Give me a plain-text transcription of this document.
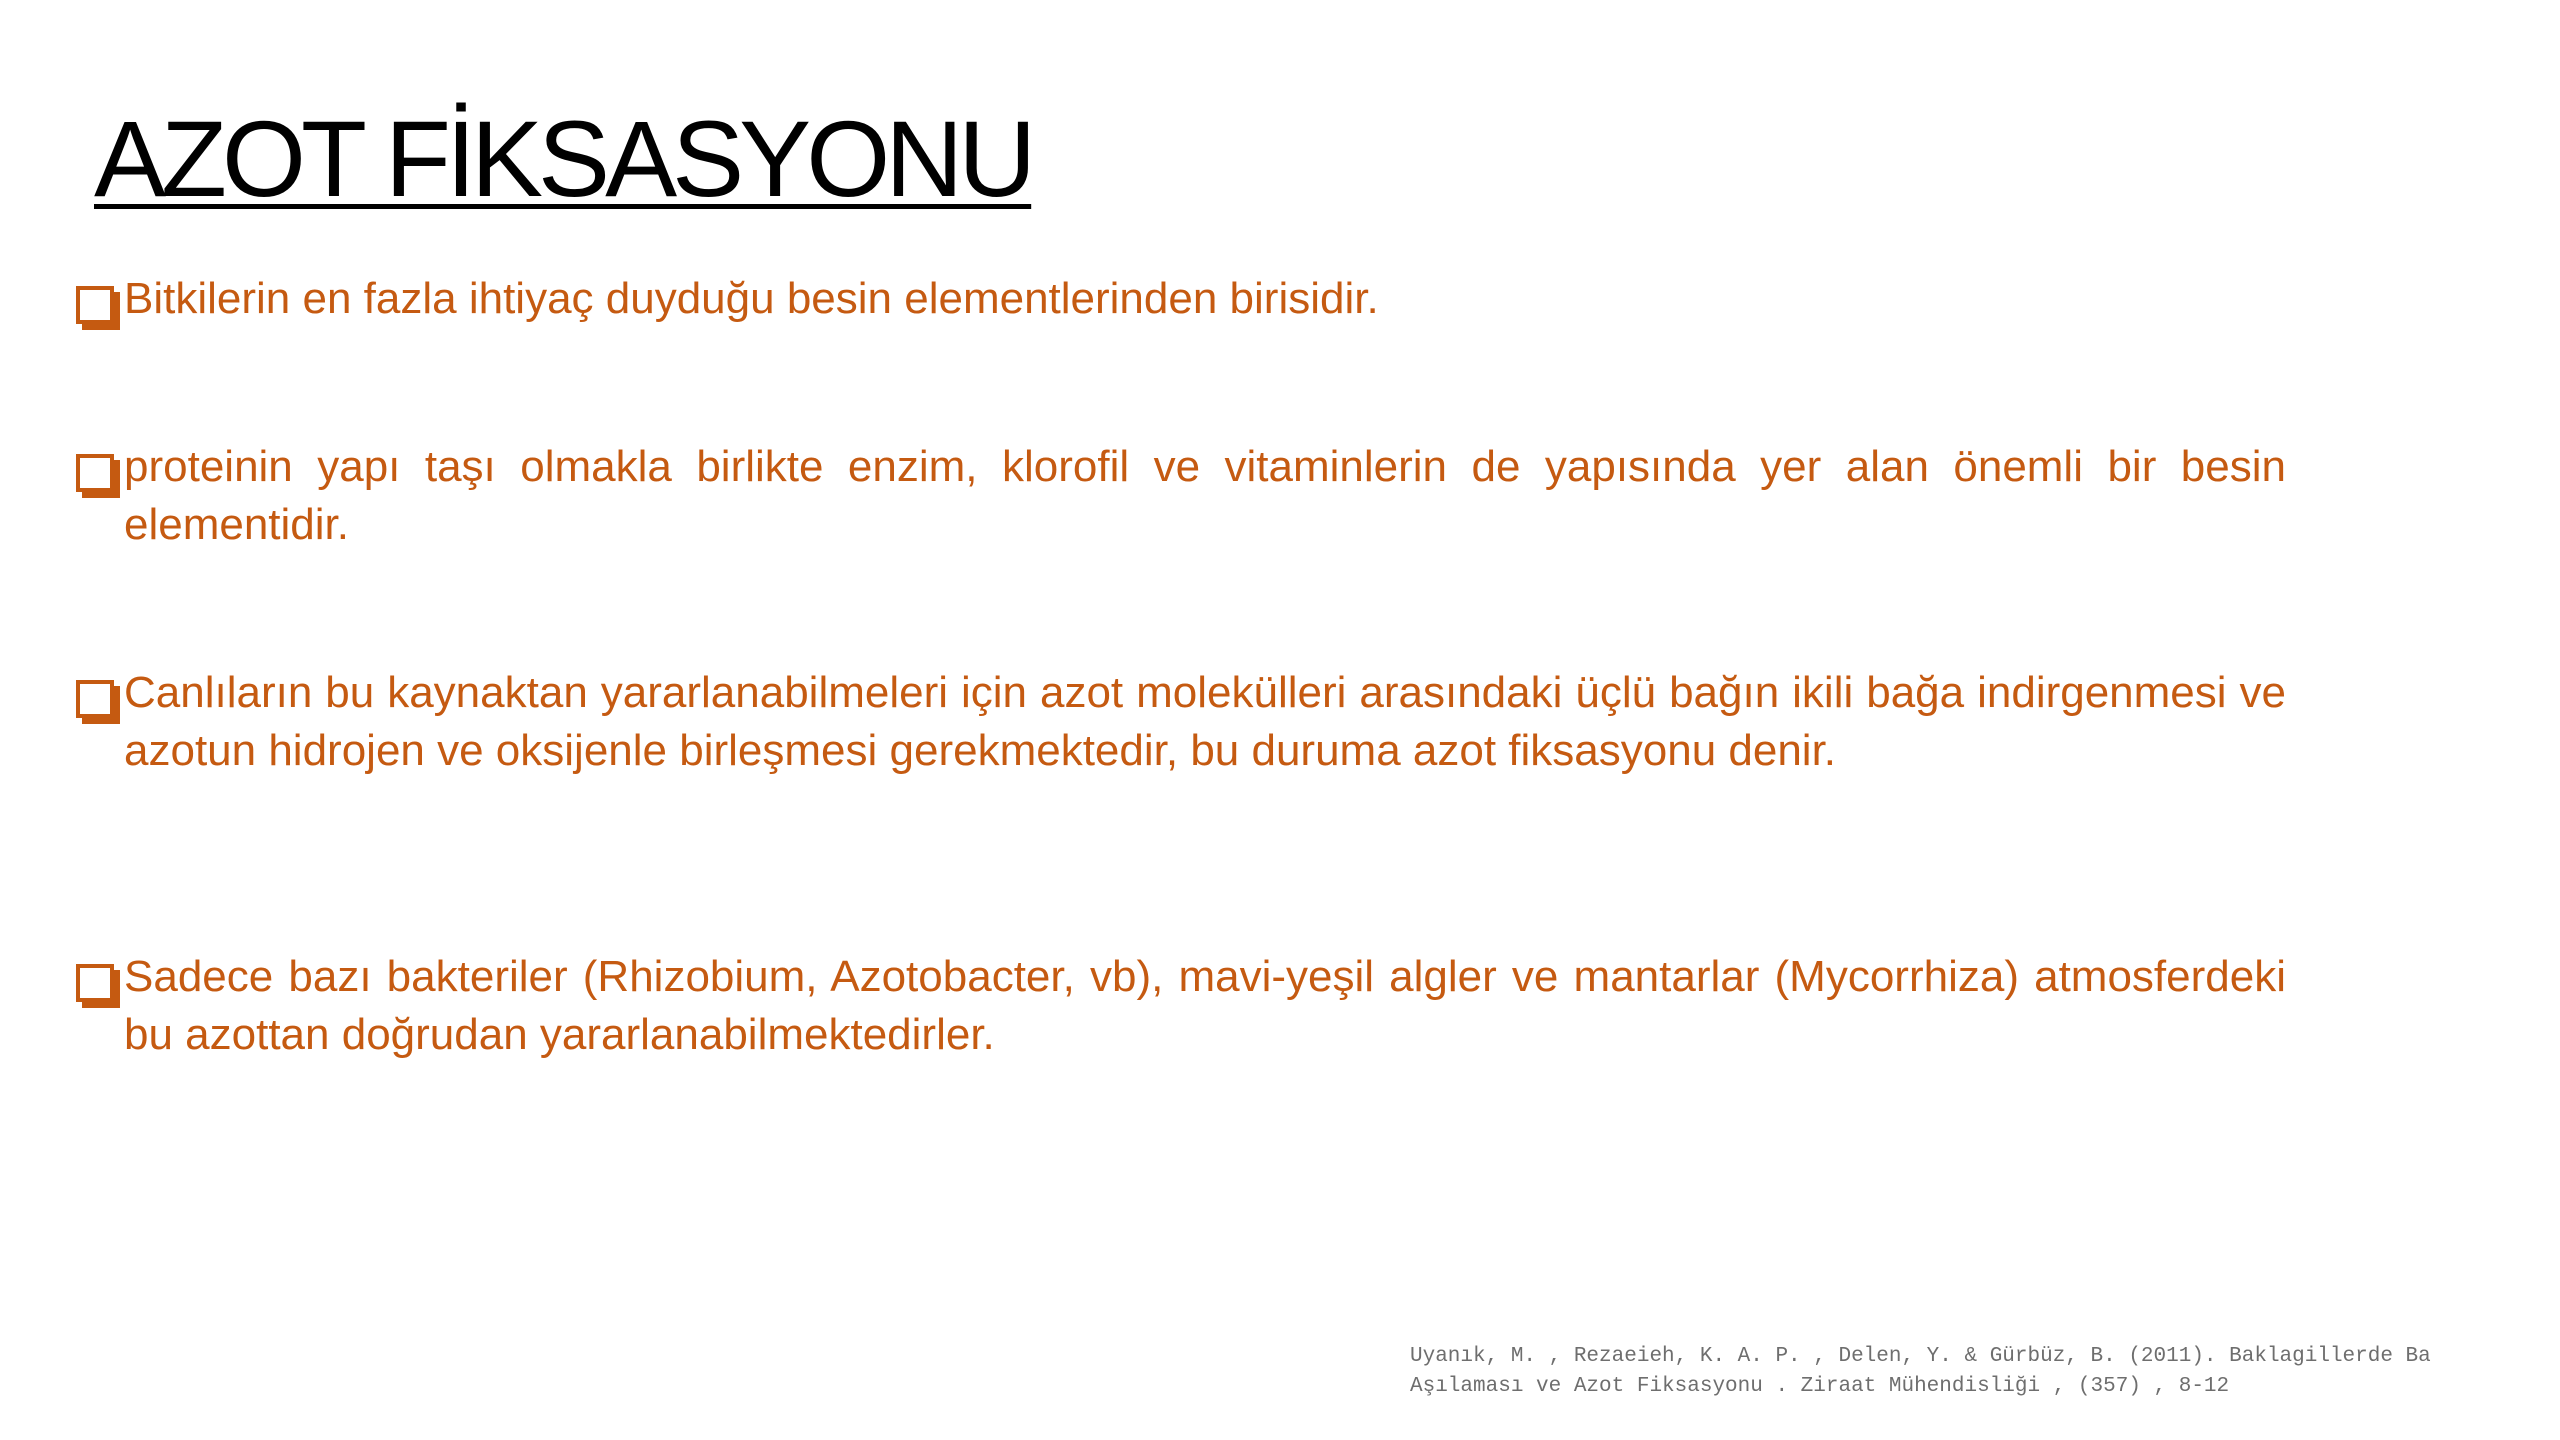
AZOT FİKSASYONU
Bitkilerin en fazla ihtiyaç duyduğu besin elementlerinden birisidir.
proteinin yapı taşı olmakla birlikte enzim, klorofil ve vitaminlerin de yapısında yer alan önemli bir besin elementidir.
Canlıların bu kaynaktan yararlanabilmeleri için azot molekülleri arasındaki üçlü bağın ikili bağa indirgenmesi ve azotun hidrojen ve oksijenle birleşmesi gerekmektedir, bu duruma azot fiksasyonu denir.
Sadece bazı bakteriler (Rhizobium, Azotobacter, vb), mavi-yeşil algler ve mantarlar (Mycorrhiza) atmosferdeki bu azottan doğrudan yararlanabilmektedirler.
Uyanık, M. , Rezaeieh, K. A. P. , Delen, Y. & Gürbüz, B. (2011). Baklagillerde Ba
Aşılaması ve Azot Fiksasyonu . Ziraat Mühendisliği , (357) , 8-12
